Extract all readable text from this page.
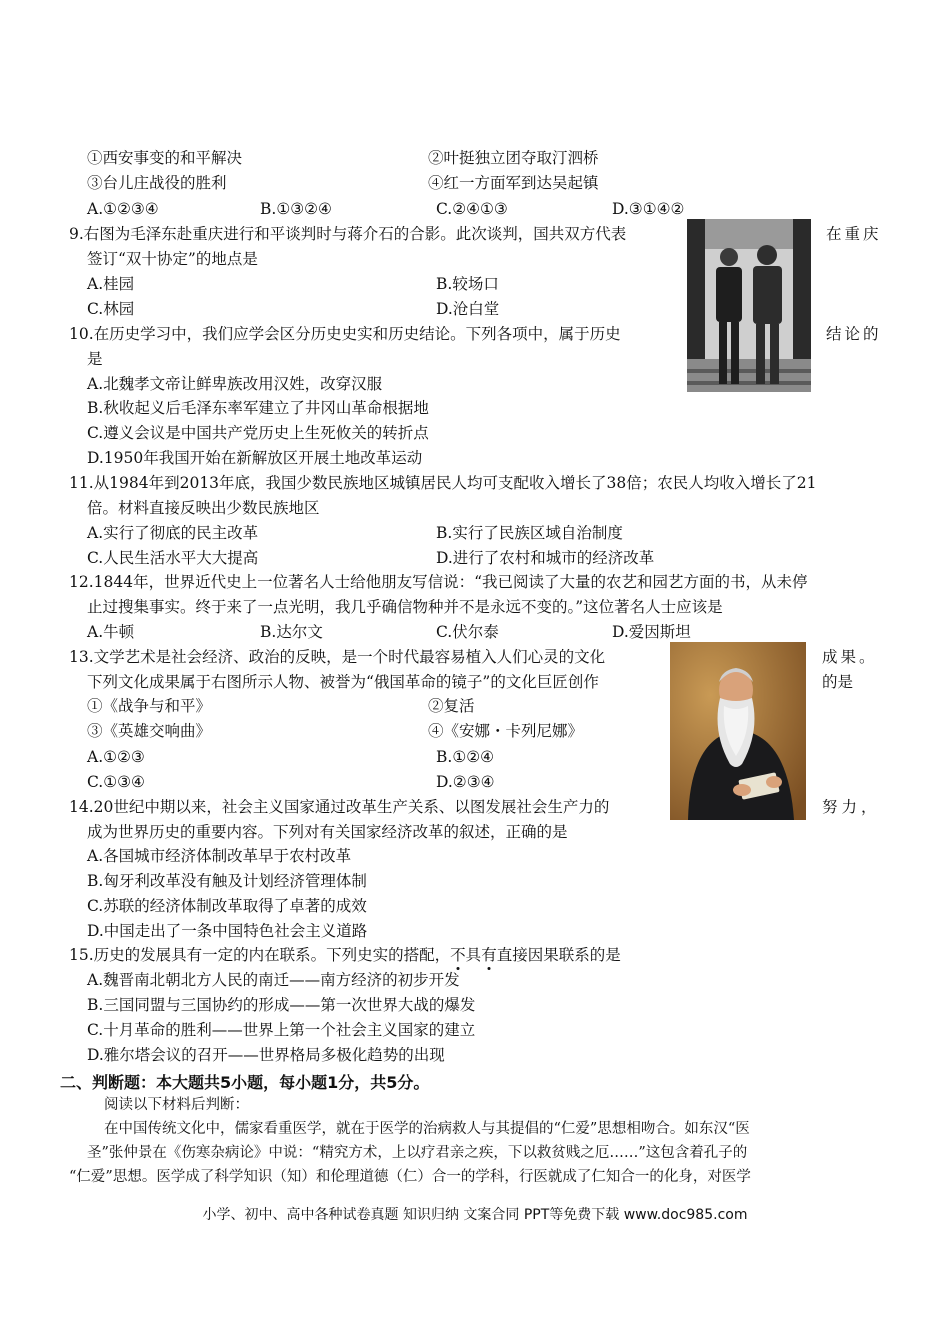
①西安事变的和平解决	②叶挺独立团夺取汀泗桥
③台儿庄战役的胜利	④红一方面军到达吴起镇
A.①②③④	B.①③②④	C.②④①③	D.③①④②
9.右图为毛泽东赴重庆进行和平谈判时与蒋介石的合影。此次谈判，国共双方代表	在重庆
签订“双十协定”的地点是
A.桂园	B.较场口
C.林园	D.沧白堂
10.在历史学习中，我们应学会区分历史史实和历史结论。下列各项中，属于历史	结论的
是
A.北魏孝文帝让鲜卑族改用汉姓，改穿汉服
B.秋收起义后毛泽东率军建立了井冈山革命根据地
C.遵义会议是中国共产党历史上生死攸关的转折点
D.1950年我国开始在新解放区开展土地改革运动
11.从1984年到2013年底，我国少数民族地区城镇居民人均可支配收入增长了38倍；农民人均收入增长了21
倍。材料直接反映出少数民族地区
A.实行了彻底的民主改革	B.实行了民族区域自治制度
C.人民生活水平大大提高	D.进行了农村和城市的经济改革
12.1844年，世界近代史上一位著名人士给他朋友写信说：“我已阅读了大量的农艺和园艺方面的书，从未停
止过搜集事实。终于来了一点光明，我几乎确信物种并不是永远不变的。”这位著名人士应该是
A.牛顿	B.达尔文	C.伏尔泰	D.爱因斯坦
13.文学艺术是社会经济、政治的反映，是一个时代最容易植入人们心灵的文化	成果。
下列文化成果属于右图所示人物、被誉为“俄国革命的镜子”的文化巨匠创作	的是
①《战争与和平》	②复活
③《英雄交响曲》	④《安娜・卡列尼娜》
A.①②③	B.①②④
C.①③④	D.②③④
14.20世纪中期以来，社会主义国家通过改革生产关系、以图发展社会生产力的	努力，
成为世界历史的重要内容。下列对有关国家经济改革的叙述，正确的是
A.各国城市经济体制改革早于农村改革
B.匈牙利改革没有触及计划经济管理体制
C.苏联的经济体制改革取得了卓著的成效
D.中国走出了一条中国特色社会主义道路
15.历史的发展具有一定的内在联系。下列史实的搭配，不具有直接因果联系的是
A.魏晋南北朝北方人民的南迁——南方经济的初步开发
B.三国同盟与三国协约的形成——第一次世界大战的爆发
C.十月革命的胜利——世界上第一个社会主义国家的建立
D.雅尔塔会议的召开——世界格局多极化趋势的出现
二、判断题：本大题共5小题，每小题1分，共5分。
阅读以下材料后判断：
在中国传统文化中，儒家看重医学，就在于医学的治病救人与其提倡的“仁爱”思想相吻合。如东汉“医
圣”张仲景在《伤寒杂病论》中说：“精究方术，上以疗君亲之疾，下以救贫贱之厄……”这包含着孔子的
“仁爱”思想。医学成了科学知识（知）和伦理道德（仁）合一的学科，行医就成了仁知合一的化身，对医学
小学、初中、高中各种试卷真题 知识归纳 文案合同 PPT等免费下载 www.doc985.com
